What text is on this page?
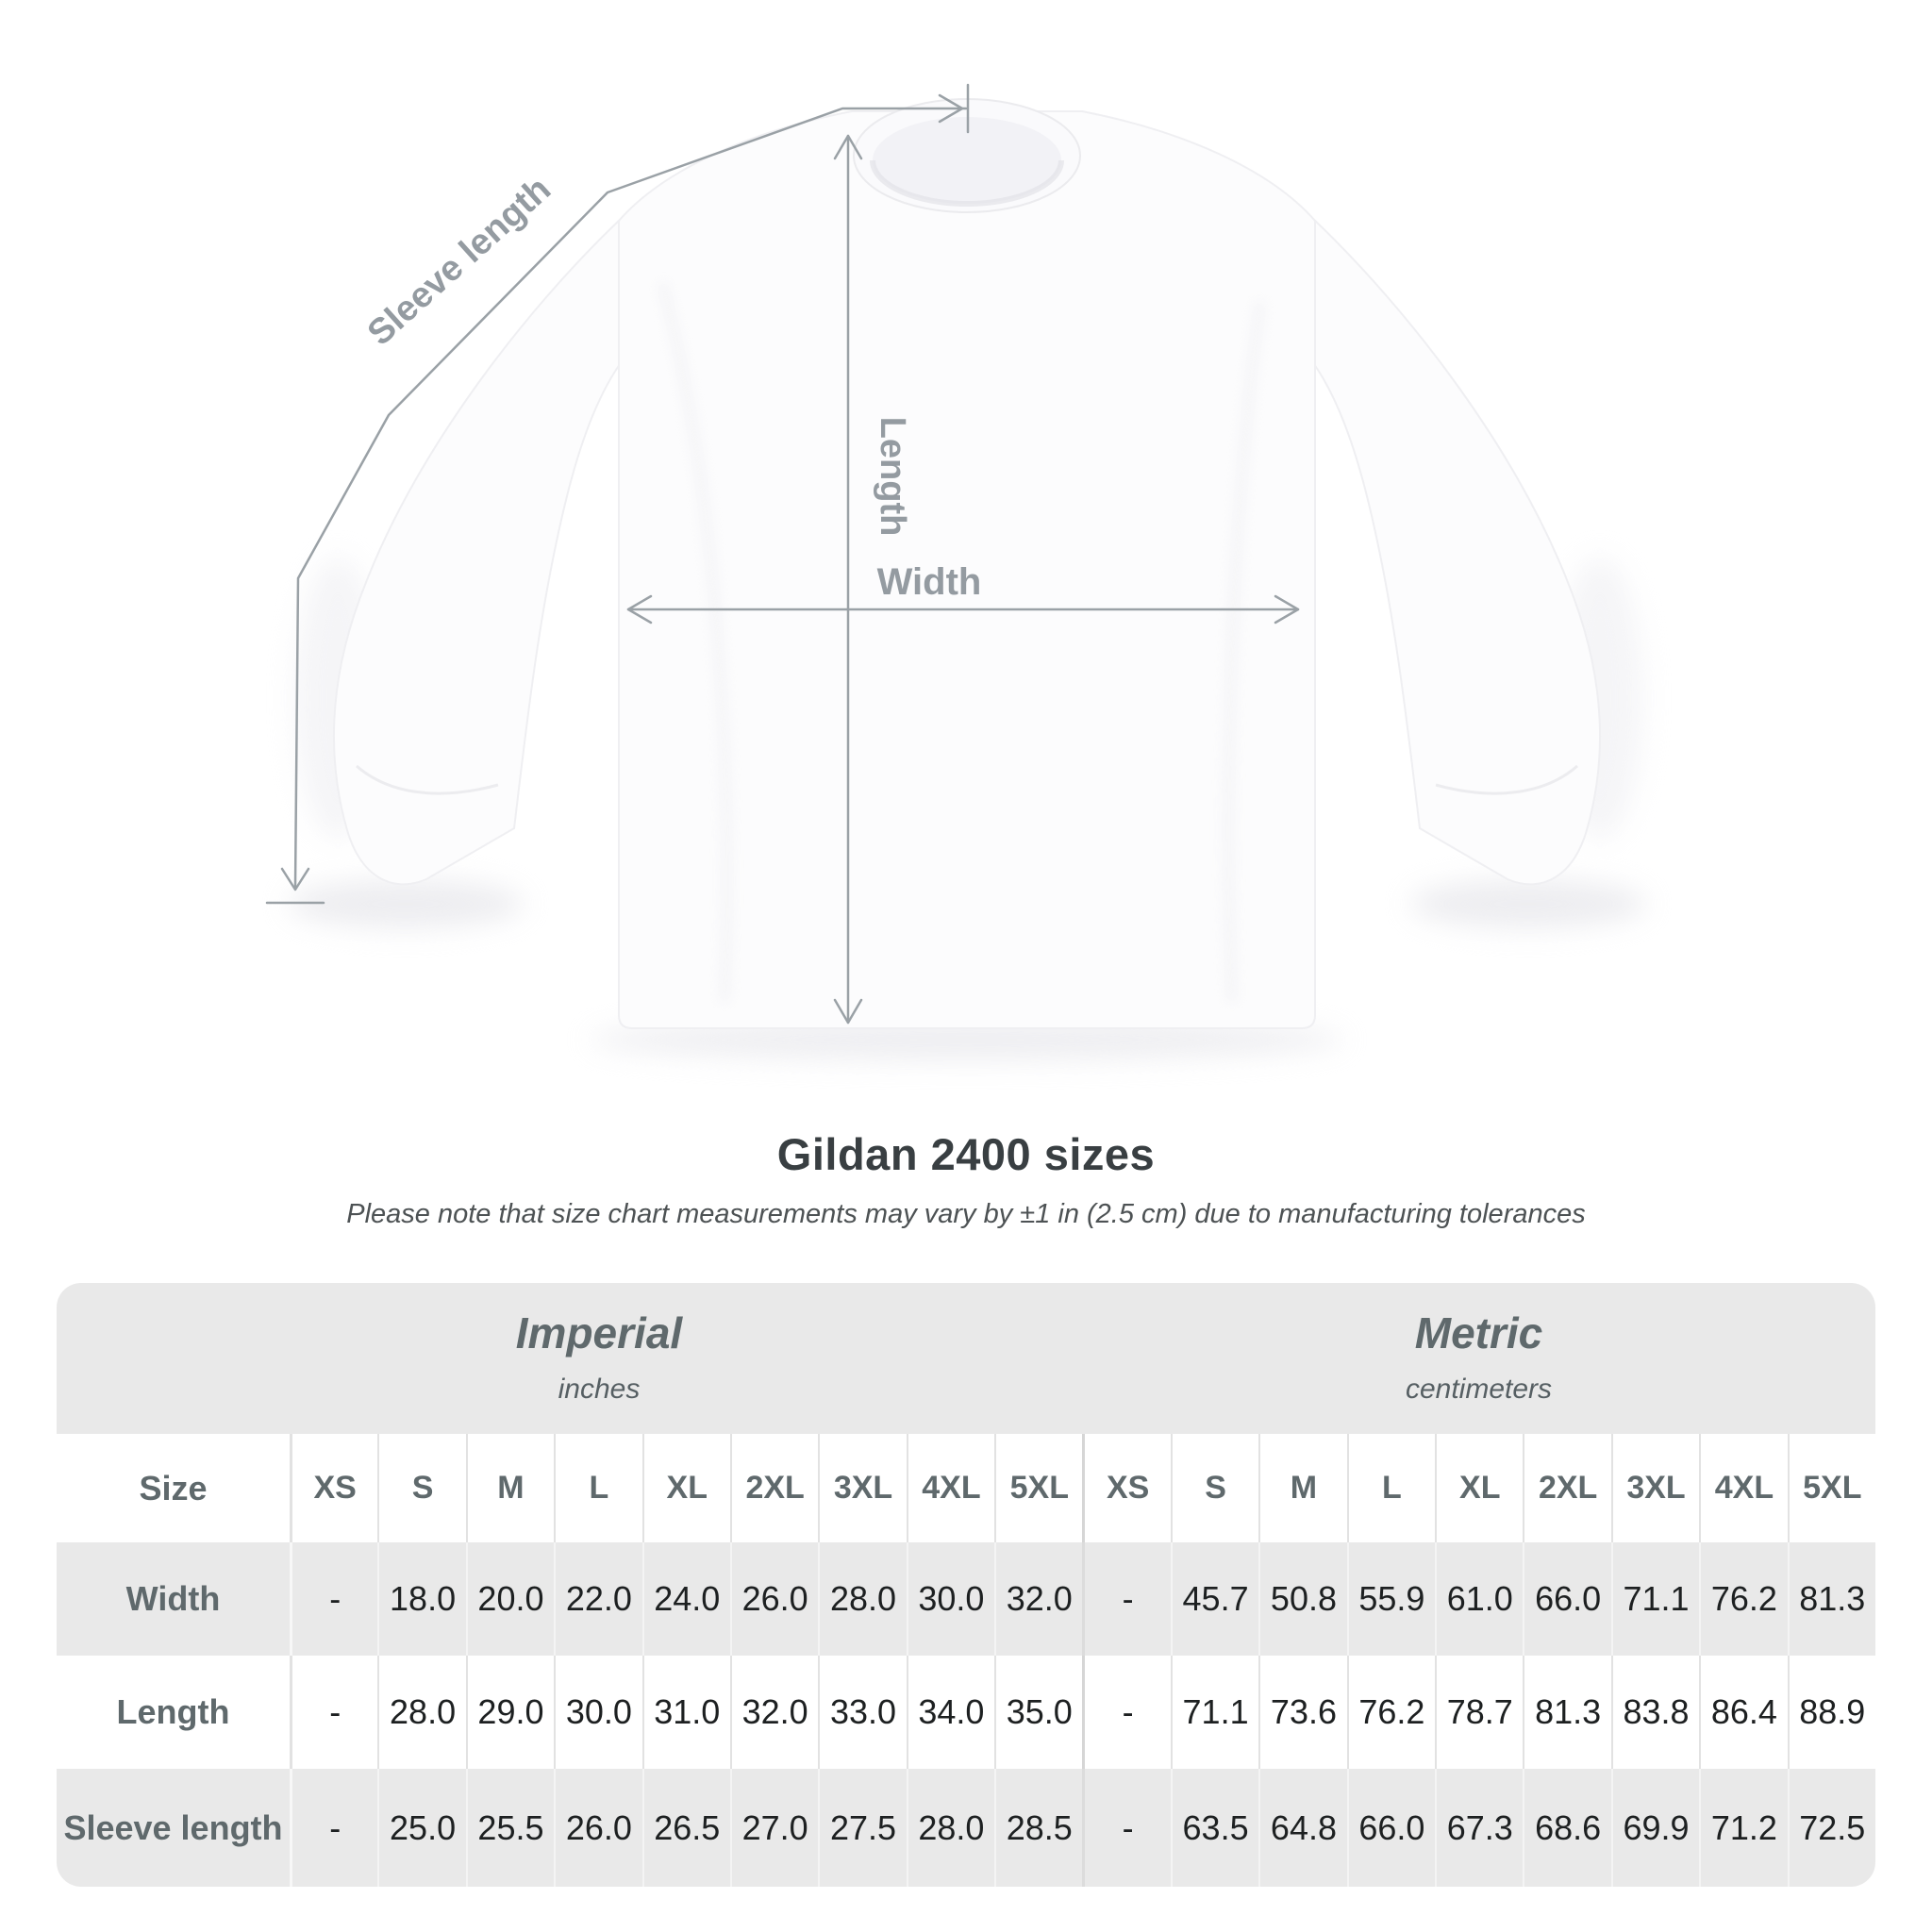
Sleeve length
Length
Width
Gildan 2400 sizes

Please note that size chart measurements may vary by ±1 in (2.5 cm) due to manufacturing tolerances

Imperial
inches
Metric
centimeters
Size	XS	S	M	L	XL	2XL 3XL 4XL 5XL	XS	S	M	L	XL	2XL 3XL 4XL 5XL
Width	-	18.0 20.0 22.0 24.0 26.0 28.0 30.0 32.0	-	45.7 50.8 55.9 61.0 66.0 71.1 76.2 81.3
Length	-	28.0 29.0 30.0 31.0 32.0 33.0 34.0 35.0	-	71.1 73.6 76.2 78.7 81.3 83.8 86.4 88.9
Sleeve length	-	25.0 25.5 26.0 26.5 27.0 27.5 28.0 28.5	-	63.5 64.8 66.0 67.3 68.6 69.9 71.2 72.5
